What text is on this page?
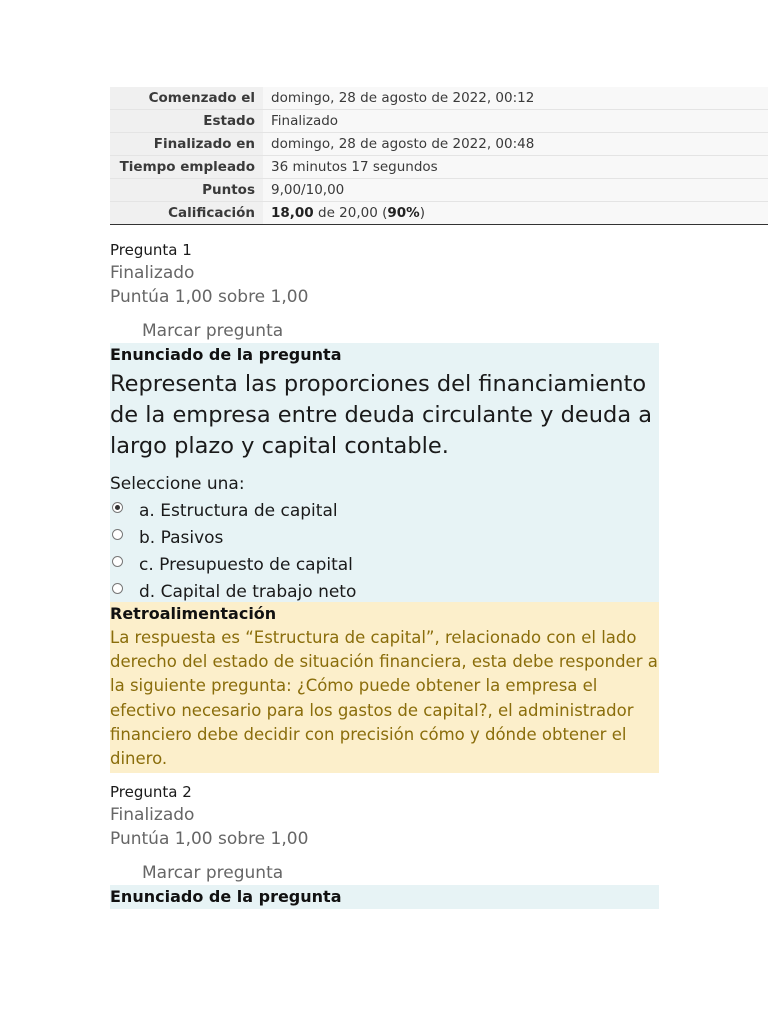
Comenzado el	domingo, 28 de agosto de 2022, 00:12
Estado	Finalizado
Finalizado en	domingo, 28 de agosto de 2022, 00:48
Tiempo empleado	36 minutos 17 segundos
Puntos	9,00/10,00
Calificación	18,00 de 20,00 (90%)
Pregunta 1
Finalizado
Puntúa 1,00 sobre 1,00
Marcar pregunta
Enunciado de la pregunta
Representa las proporciones del financiamiento de la empresa entre deuda circulante y deuda a largo plazo y capital contable.
Seleccione una:
a. Estructura de capital
b. Pasivos
c. Presupuesto de capital
d. Capital de trabajo neto
Retroalimentación
La respuesta es “Estructura de capital”, relacionado con el lado derecho del estado de situación financiera, esta debe responder a la siguiente pregunta: ¿Cómo puede obtener la empresa el efectivo necesario para los gastos de capital?, el administrador financiero debe decidir con precisión cómo y dónde obtener el dinero.
Pregunta 2
Finalizado
Puntúa 1,00 sobre 1,00
Marcar pregunta
Enunciado de la pregunta
